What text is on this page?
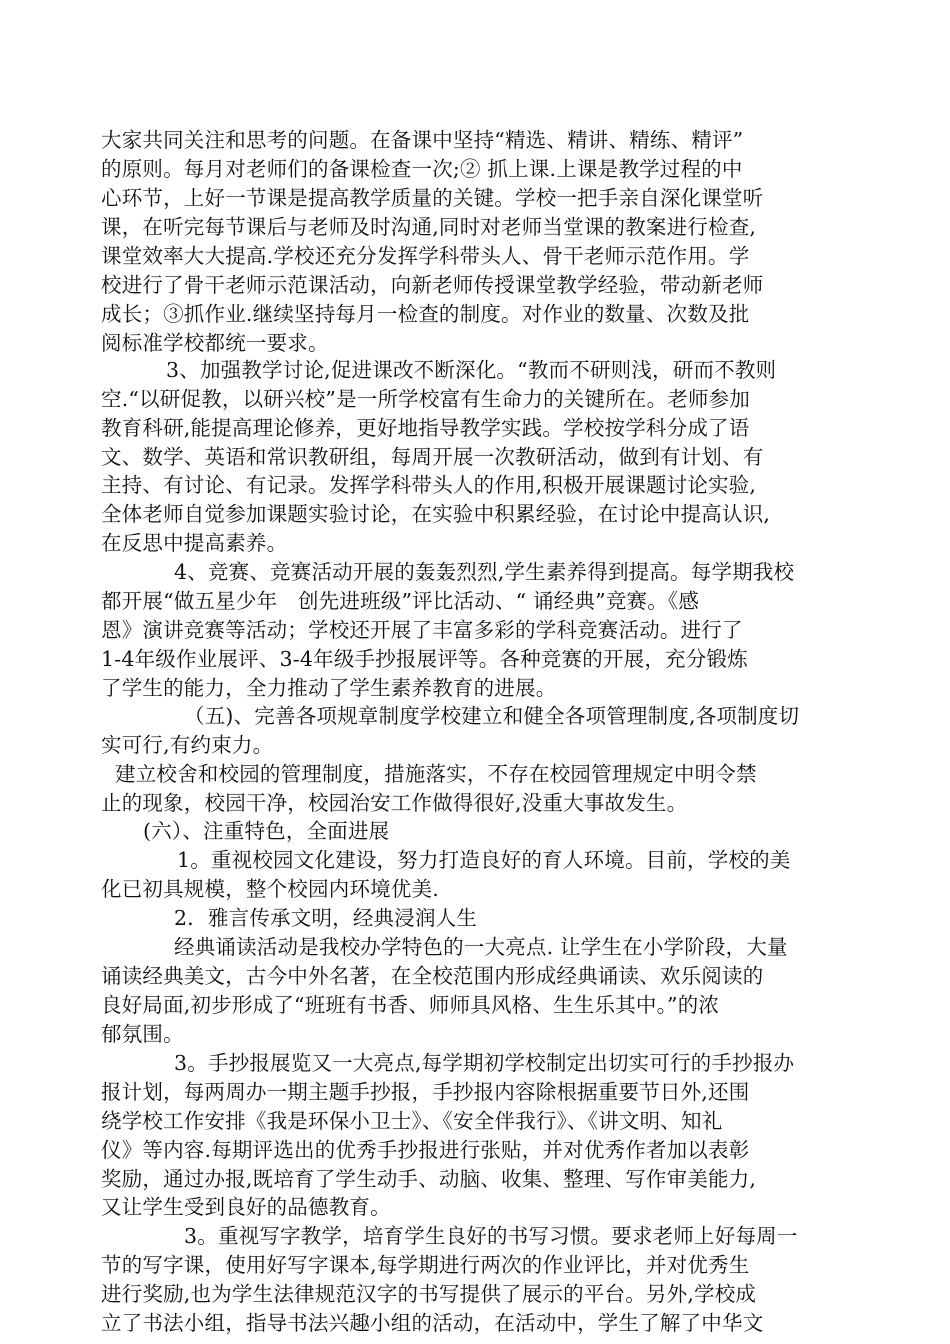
大家共同关注和思考的问题。在备课中坚持“精选、精讲、精练、精评”
的原则。每月对老师们的备课检查一次;② 抓上课.上课是教学过程的中
心环节，上好一节课是提高教学质量的关键。学校一把手亲自深化课堂听
课，在听完每节课后与老师及时沟通,同时对老师当堂课的教案进行检查,
课堂效率大大提高.学校还充分发挥学科带头人、骨干老师示范作用。学
校进行了骨干老师示范课活动，向新老师传授课堂教学经验，带动新老师
成长；③抓作业.继续坚持每月一检查的制度。对作业的数量、次数及批
阅标准学校都统一要求。
3、加强教学讨论,促进课改不断深化。“教而不研则浅，研而不教则
空.“以研促教，以研兴校”是一所学校富有生命力的关键所在。老师参加
教育科研,能提高理论修养，更好地指导教学实践。学校按学科分成了语
文、数学、英语和常识教研组，每周开展一次教研活动，做到有计划、有
主持、有讨论、有记录。发挥学科带头人的作用,积极开展课题讨论实验,
全体老师自觉参加课题实验讨论，在实验中积累经验，在讨论中提高认识,
在反思中提高素养。
4、竞赛、竞赛活动开展的轰轰烈烈,学生素养得到提高。每学期我校
都开展“做五星少年　创先进班级”评比活动、“ 诵经典”竞赛。《感
恩》演讲竞赛等活动；学校还开展了丰富多彩的学科竞赛活动。进行了
1-4年级作业展评、3-4年级手抄报展评等。各种竞赛的开展，充分锻炼
了学生的能力，全力推动了学生素养教育的进展。
（五)、完善各项规章制度学校建立和健全各项管理制度,各项制度切
实可行,有约束力。
建立校舍和校园的管理制度，措施落实，不存在校园管理规定中明令禁
止的现象，校园干净，校园治安工作做得很好,没重大事故发生。
(六）、注重特色，全面进展
1。重视校园文化建设，努力打造良好的育人环境。目前，学校的美
化已初具规模，整个校园内环境优美.
2．雅言传承文明，经典浸润人生
经典诵读活动是我校办学特色的一大亮点. 让学生在小学阶段，大量
诵读经典美文，古今中外名著，在全校范围内形成经典诵读、欢乐阅读的
良好局面,初步形成了“班班有书香、师师具风格、生生乐其中。”的浓
郁氛围。
3。手抄报展览又一大亮点,每学期初学校制定出切实可行的手抄报办
报计划，每两周办一期主题手抄报，手抄报内容除根据重要节日外,还围
绕学校工作安排《我是环保小卫士》、《安全伴我行》、《讲文明、知礼
仪》等内容.每期评选出的优秀手抄报进行张贴，并对优秀作者加以表彰
奖励，通过办报,既培育了学生动手、动脑、收集、整理、写作审美能力,
又让学生受到良好的品德教育。
3。重视写字教学，培育学生良好的书写习惯。要求老师上好每周一
节的写字课，使用好写字课本,每学期进行两次的作业评比，并对优秀生
进行奖励,也为学生法律规范汉字的书写提供了展示的平台。另外,学校成
立了书法小组，指导书法兴趣小组的活动，在活动中，学生了解了中华文
